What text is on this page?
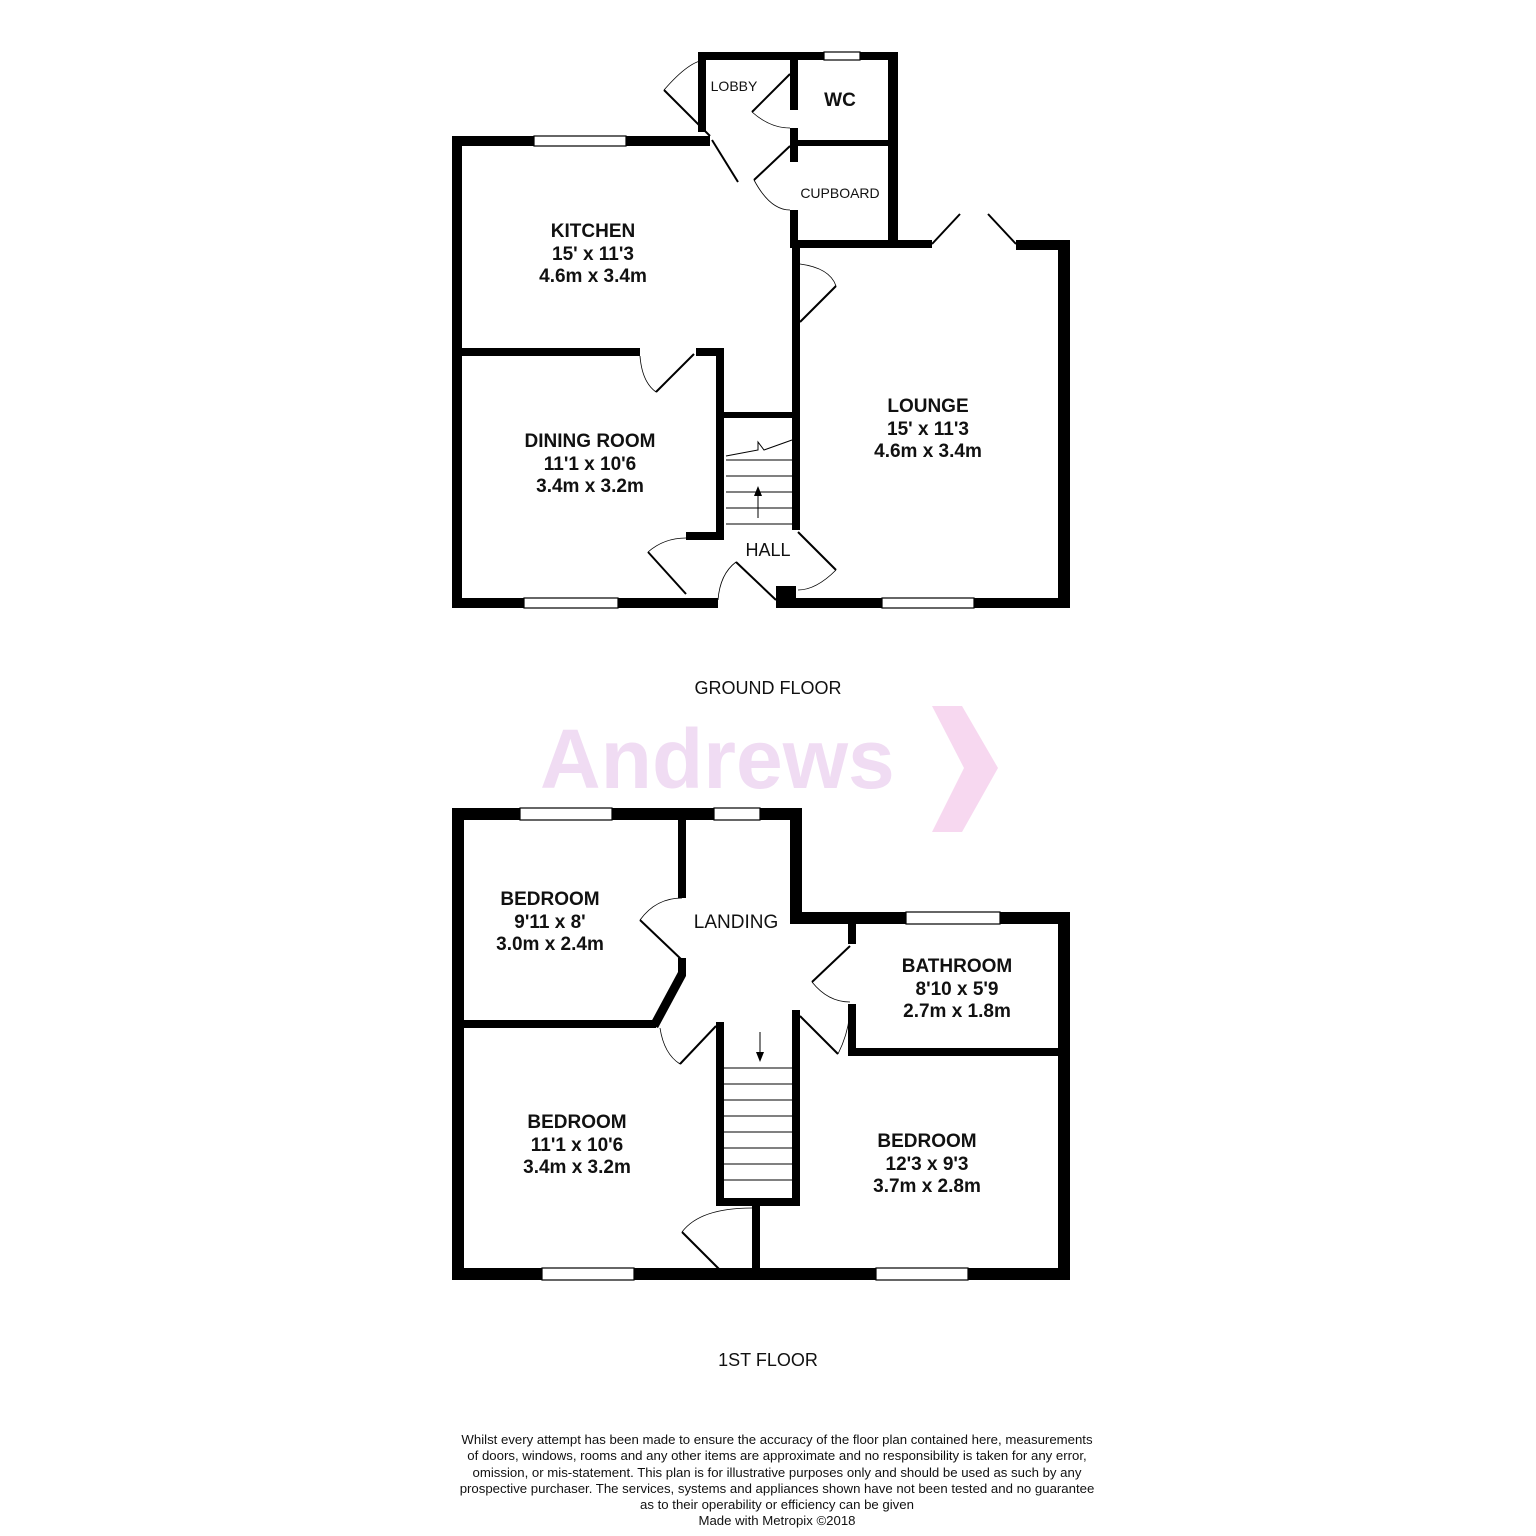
Andrews
KITCHEN
15' x 11'3
4.6m x 3.4m
DINING ROOM
11'1 x 10'6
3.4m x 3.2m
LOUNGE
15' x 11'3
4.6m x 3.4m
LOBBY
WC
CUPBOARD
HALL
GROUND FLOOR
BEDROOM
9'11 x 8'
3.0m x 2.4m
LANDING
BATHROOM
8'10 x 5'9
2.7m x 1.8m
BEDROOM
11'1 x 10'6
3.4m x 3.2m
BEDROOM
12'3 x 9'3
3.7m x 2.8m
1ST FLOOR
Whilst every attempt has been made to ensure the accuracy of the floor plan contained here, measurements
of doors, windows, rooms and any other items are approximate and no responsibility is taken for any error,
omission, or mis-statement. This plan is for illustrative purposes only and should be used as such by any
prospective purchaser. The services, systems and appliances shown have not been tested and no guarantee
as to their operability or efficiency can be given
Made with Metropix ©2018
